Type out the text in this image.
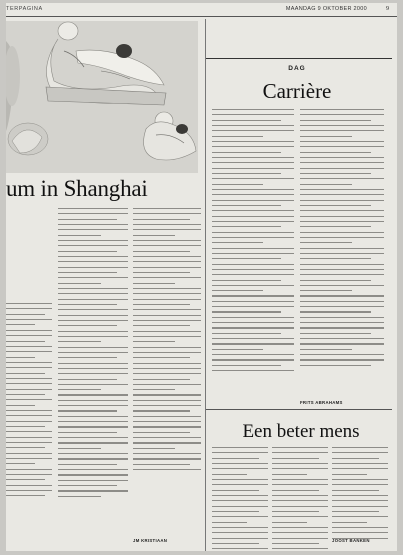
TERPAGINA	MAANDAG 9 OKTOBER 2000	9
um in Shanghai
JM KRISTIAAN
DAG
Carrière
FRITS ABRAHAMS
Een beter mens
JOOST BANKEN
